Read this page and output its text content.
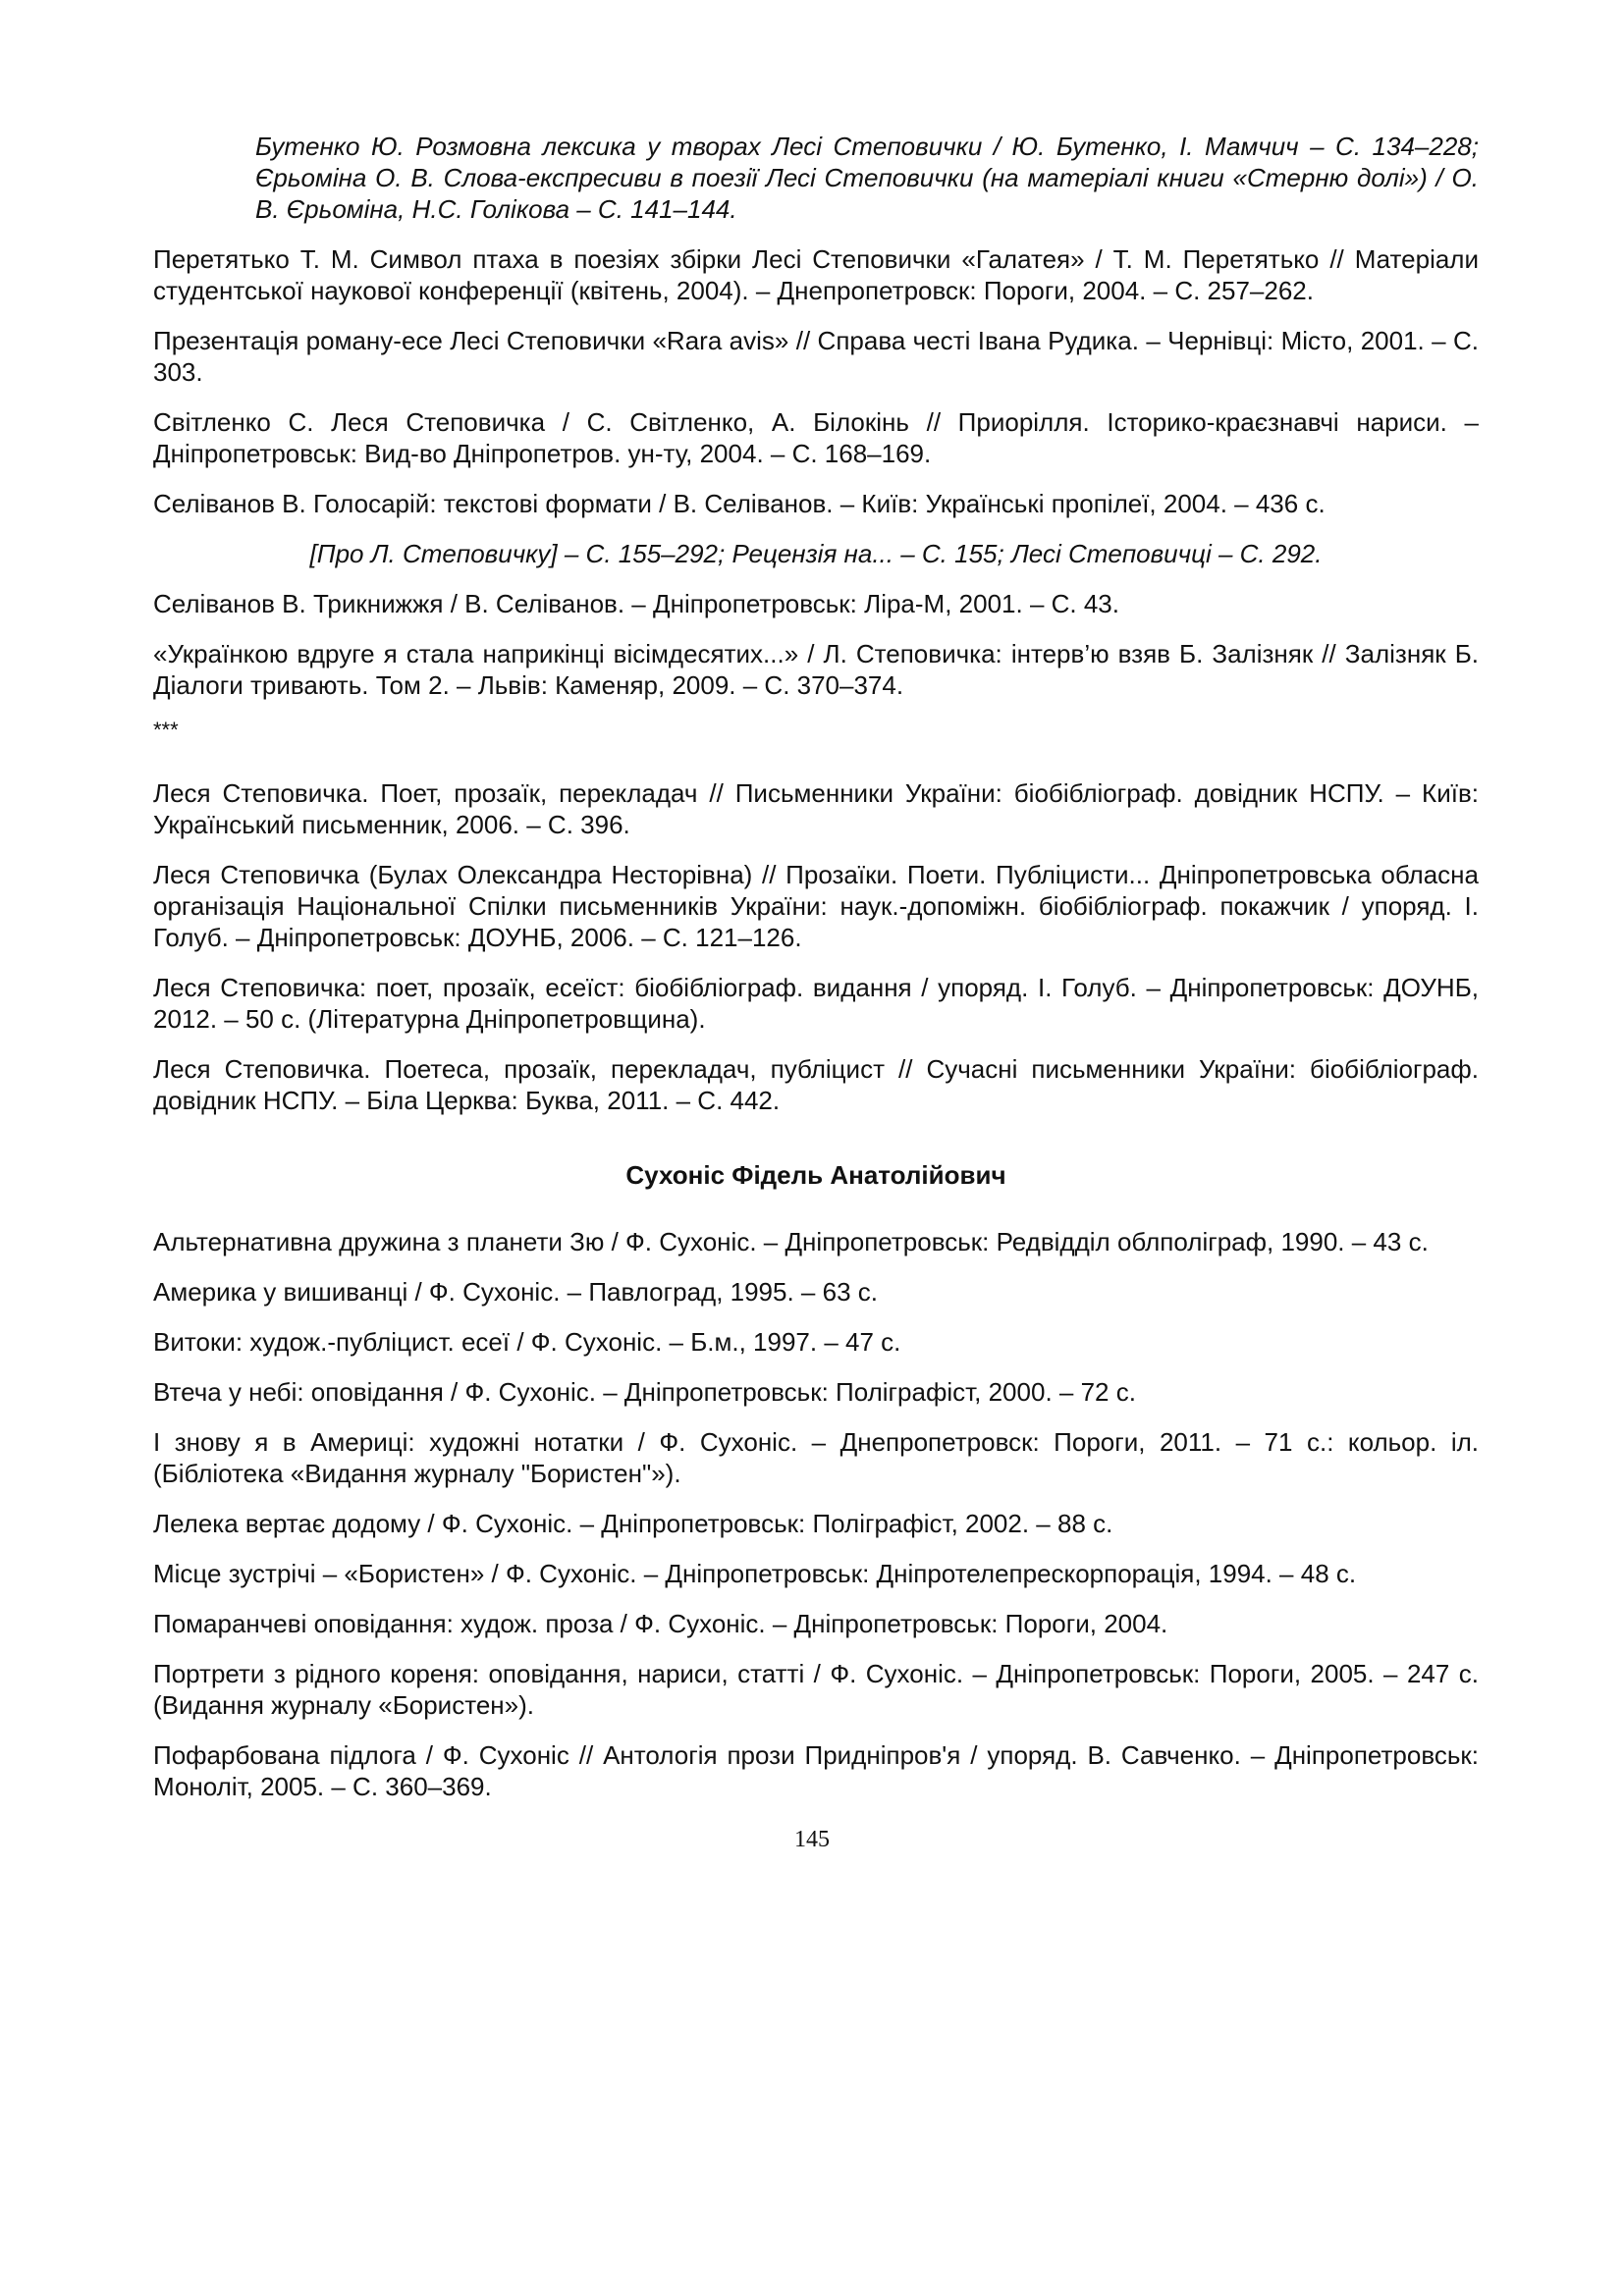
Бутенко Ю. Розмовна лексика у творах Лесі Степовички / Ю. Бутенко, І. Мамчич – С. 134–228; Єрьоміна О. В. Слова-експресиви в поезії Лесі Степовички (на матеріалі книги «Стерню долі») / О. В. Єрьоміна, Н.С. Голікова – С. 141–144.

Перетятько Т. М. Символ птаха в поезіях збірки Лесі Степовички «Галатея» / Т. М. Перетятько // Матеріали студентської наукової конференції (квітень, 2004). – Днепропетровск: Пороги, 2004. – С. 257–262.

Презентація роману-есе Лесі Степовички «Rara avis» // Справа честі Івана Рудика. – Чернівці: Місто, 2001. – С. 303.

Світленко С. Леся Степовичка / С. Світленко, А. Білокінь // Приорілля. Історико-краєзнавчі нариси. – Дніпропетровськ: Вид-во Дніпропетров. ун-ту, 2004. – С. 168–169.

Селіванов В. Голосарій: текстові формати / В. Селіванов. – Київ: Українські пропілеї, 2004. – 436 с.

[Про Л. Степовичку] – С. 155–292; Рецензія на... – С. 155; Лесі Степовичці – С. 292.

Селіванов В. Трикнижжя / В. Селіванов. – Дніпропетровськ: Ліра-М, 2001. – С. 43.

«Українкою вдруге я стала наприкінці вісімдесятих...» / Л. Степовичка: інтерв’ю взяв Б. Залізняк // Залізняк Б. Діалоги тривають. Том 2. – Львів: Каменяр, 2009. – С. 370–374.

***

Леся Степовичка. Поет, прозаїк, перекладач // Письменники України: біобібліограф. довідник НСПУ. – Київ: Український письменник, 2006. – С. 396.

Леся Степовичка (Булах Олександра Несторівна) // Прозаїки. Поети. Публіцисти... Дніпропетровська обласна організація Національної Спілки письменників України: наук.-допоміжн. біобібліограф. покажчик / упоряд. І. Голуб. – Дніпропетровськ: ДОУНБ, 2006. – С. 121–126.

Леся Степовичка: поет, прозаїк, есеїст: біобібліограф. видання / упоряд. І. Голуб. – Дніпропетровськ: ДОУНБ, 2012. – 50 с. (Літературна Дніпропетровщина).

Леся Степовичка. Поетеса, прозаїк, перекладач, публіцист // Сучасні письменники України: біобібліограф. довідник НСПУ. – Біла Церква: Буква, 2011. – С. 442.

Сухоніс Фідель Анатолійович

Альтернативна дружина з планети Зю / Ф. Сухоніс. – Дніпропетровськ: Редвідділ облполіграф, 1990. – 43 с.

Америка у вишиванці / Ф. Сухоніс. – Павлоград, 1995. – 63 с.

Витоки: худож.-публіцист. есеї / Ф. Сухоніс. – Б.м., 1997. – 47 с.

Втеча у небі: оповідання / Ф. Сухоніс. – Дніпропетровськ: Поліграфіст, 2000. – 72 с.

І знову я в Америці: художні нотатки / Ф. Сухоніс. – Днепропетровск: Пороги, 2011. – 71 с.: кольор. іл. (Бібліотека «Видання журналу "Бористен"»).

Лелека вертає додому / Ф. Сухоніс. – Дніпропетровськ: Поліграфіст, 2002. – 88 с.

Місце зустрічі – «Бористен» / Ф. Сухоніс. – Дніпропетровськ: Дніпротелепрескорпорація, 1994. – 48 с.

Помаранчеві оповідання: худож. проза / Ф. Сухоніс. – Дніпропетровськ: Пороги, 2004.

Портрети з рідного кореня: оповідання, нариси, статті / Ф. Сухоніс. – Дніпропетровськ: Пороги, 2005. – 247 с. (Видання журналу «Бористен»).

Пофарбована підлога / Ф. Сухоніс // Антологія прози Придніпров'я / упоряд. В. Савченко. – Дніпропетровськ: Моноліт, 2005. – С. 360–369.

145
